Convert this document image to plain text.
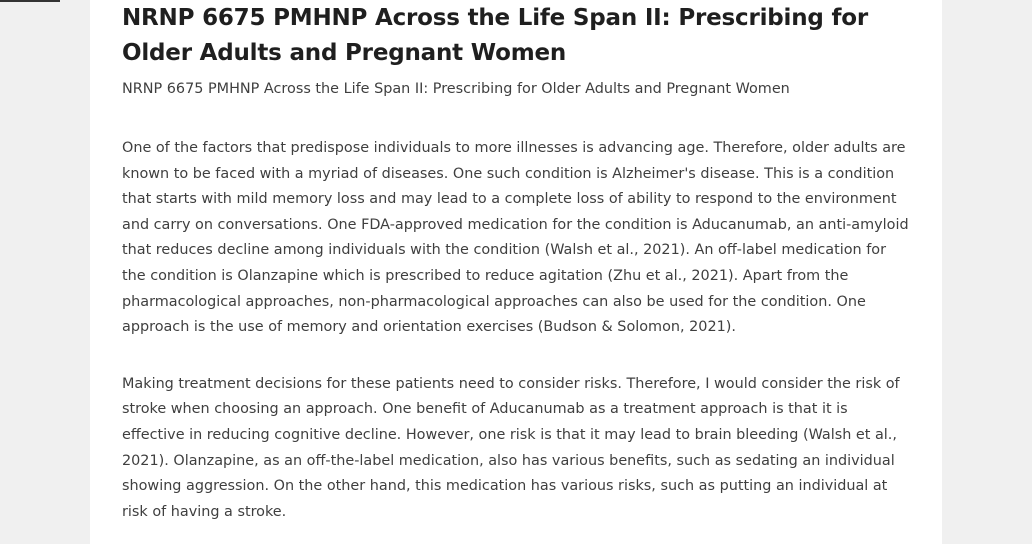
NRNP 6675 PMHNP Across the Life Span II: Prescribing for Older Adults and Pregnant Women

NRNP 6675 PMHNP Across the Life Span II: Prescribing for Older Adults and Pregnant Women

One of the factors that predispose individuals to more illnesses is advancing age. Therefore, older adults are known to be faced with a myriad of diseases. One such condition is Alzheimer's disease. This is a condition that starts with mild memory loss and may lead to a complete loss of ability to respond to the environment and carry on conversations. One FDA-approved medication for the condition is Aducanumab, an anti-amyloid that reduces decline among individuals with the condition (Walsh et al., 2021). An off-label medication for the condition is Olanzapine which is prescribed to reduce agitation (Zhu et al., 2021). Apart from the pharmacological approaches, non-pharmacological approaches can also be used for the condition. One approach is the use of memory and orientation exercises (Budson & Solomon, 2021).

Making treatment decisions for these patients need to consider risks. Therefore, I would consider the risk of stroke when choosing an approach. One benefit of Aducanumab as a treatment approach is that it is effective in reducing cognitive decline. However, one risk is that it may lead to brain bleeding (Walsh et al., 2021). Olanzapine, as an off-the-label medication, also has various benefits, such as sedating an individual showing aggression. On the other hand, this medication has various risks, such as putting an individual at risk of having a stroke.
